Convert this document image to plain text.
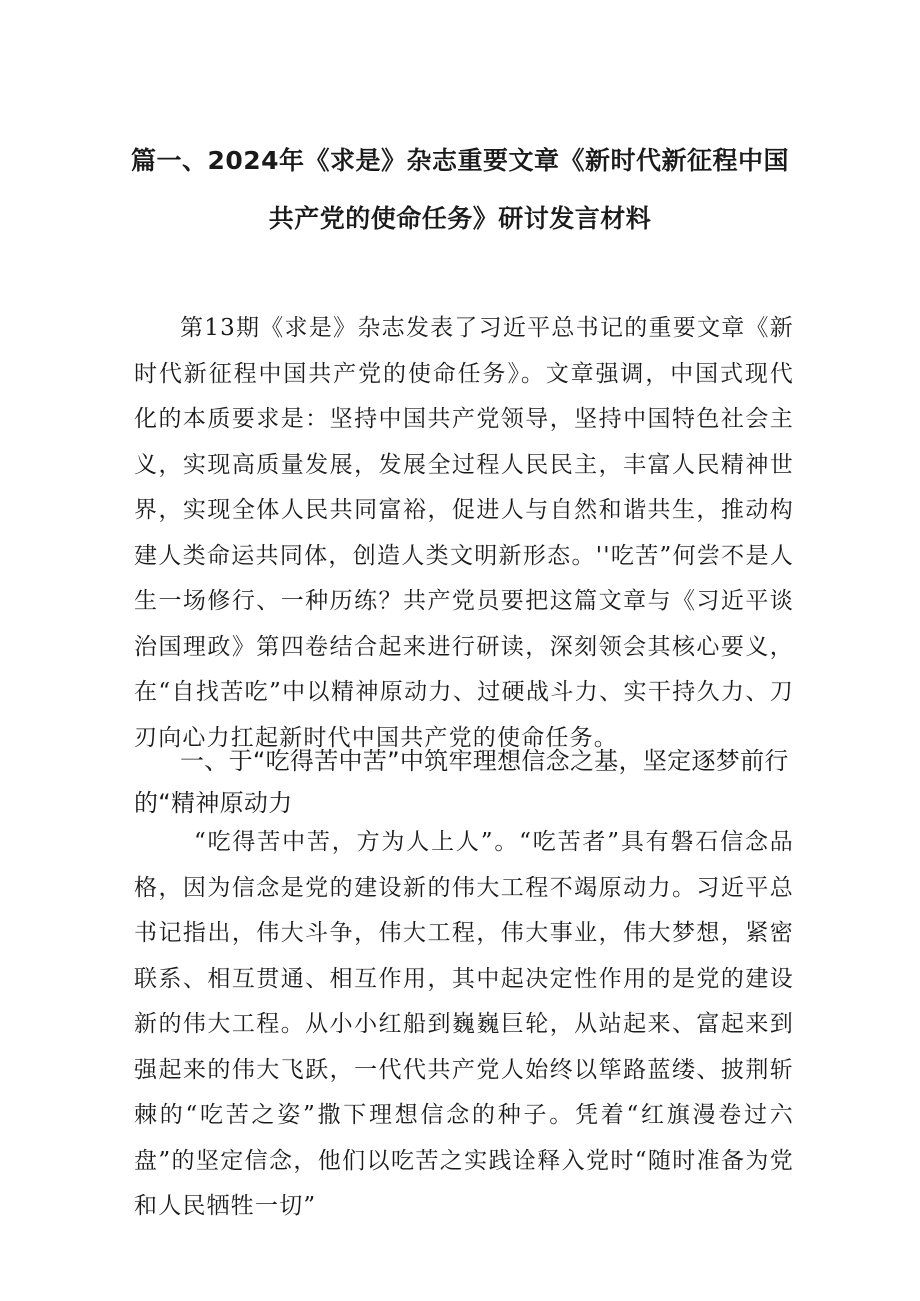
篇一、2024年《求是》杂志重要文章《新时代新征程中国
共产党的使命任务》研讨发言材料

第13期《求是》杂志发表了习近平总书记的重要文章《新时代新征程中国共产党的使命任务》。文章强调，中国式现代化的本质要求是：坚持中国共产党领导，坚持中国特色社会主义，实现高质量发展，发展全过程人民民主，丰富人民精神世界，实现全体人民共同富裕，促进人与自然和谐共生，推动构建人类命运共同体，创造人类文明新形态。''吃苦”何尝不是人生一场修行、一种历练？共产党员要把这篇文章与《习近平谈治国理政》第四卷结合起来进行研读，深刻领会其核心要义，在“自找苦吃”中以精神原动力、过硬战斗力、实干持久力、刀刃向心力扛起新时代中国共产党的使命任务。

一、于“吃得苦中苦”中筑牢理想信念之基，坚定逐梦前行的“精神原动力

“吃得苦中苦，方为人上人”。“吃苦者”具有磐石信念品格，因为信念是党的建设新的伟大工程不竭原动力。习近平总书记指出，伟大斗争，伟大工程，伟大事业，伟大梦想，紧密联系、相互贯通、相互作用，其中起决定性作用的是党的建设新的伟大工程。从小小红船到巍巍巨轮，从站起来、富起来到强起来的伟大飞跃，一代代共产党人始终以筚路蓝缕、披荆斩棘的“吃苦之姿”撒下理想信念的种子。凭着“红旗漫卷过六盘”的坚定信念，他们以吃苦之实践诠释入党时“随时准备为党和人民牺牲一切”
